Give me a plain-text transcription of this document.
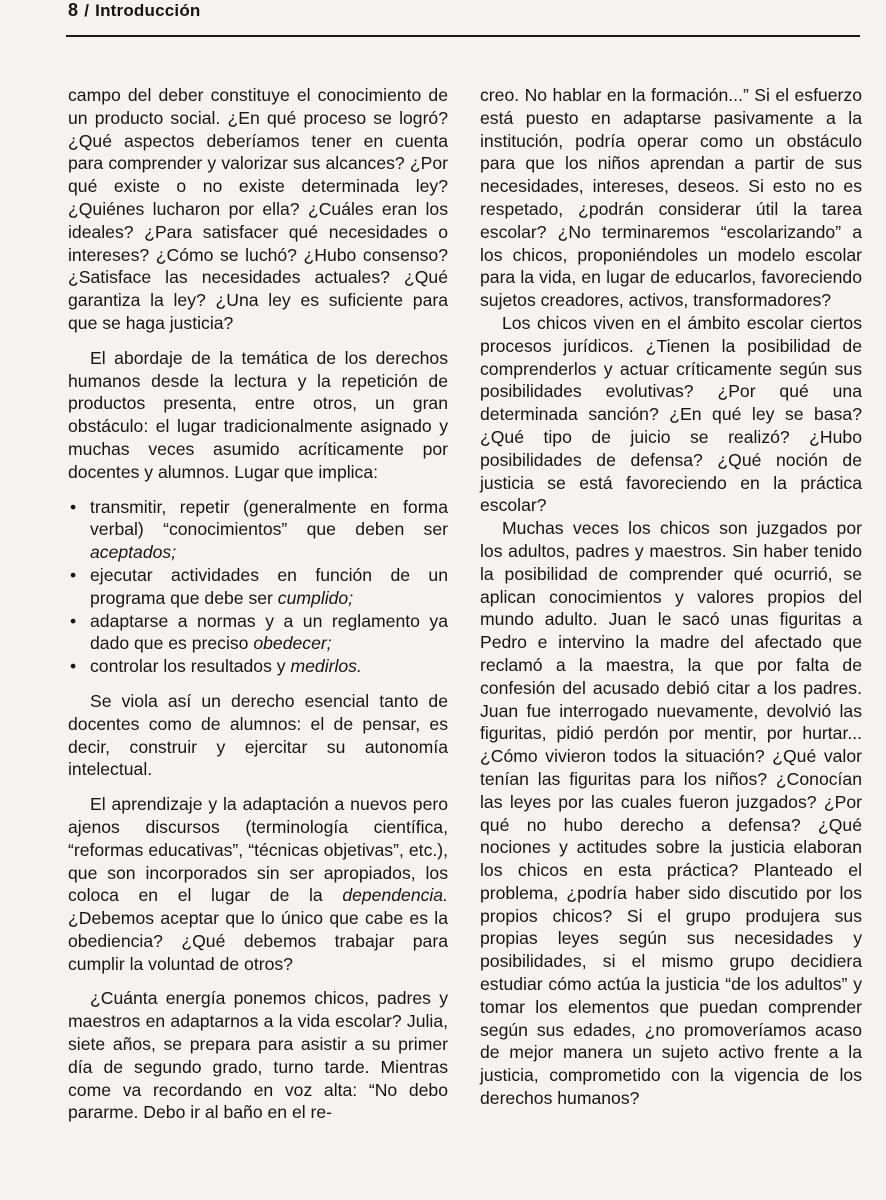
8 / Introducción

campo del deber constituye el conocimiento de un producto social. ¿En qué proceso se logró? ¿Qué aspectos deberíamos tener en cuenta para comprender y valorizar sus alcances? ¿Por qué existe o no existe determinada ley? ¿Quiénes lucharon por ella? ¿Cuáles eran los ideales? ¿Para satisfacer qué necesidades o intereses? ¿Cómo se luchó? ¿Hubo consenso? ¿Satisface las necesidades actuales? ¿Qué garantiza la ley? ¿Una ley es suficiente para que se haga justicia?

El abordaje de la temática de los derechos humanos desde la lectura y la repetición de productos presenta, entre otros, un gran obstáculo: el lugar tradicionalmente asignado y muchas veces asumido acríticamente por docentes y alumnos. Lugar que implica:

• transmitir, repetir (generalmente en forma verbal) “conocimientos” que deben ser aceptados;
• ejecutar actividades en función de un programa que debe ser cumplido;
• adaptarse a normas y a un reglamento ya dado que es preciso obedecer;
• controlar los resultados y medirlos.

Se viola así un derecho esencial tanto de docentes como de alumnos: el de pensar, es decir, construir y ejercitar su autonomía intelectual.

El aprendizaje y la adaptación a nuevos pero ajenos discursos (terminología científica, “reformas educativas”, “técnicas objetivas”, etc.), que son incorporados sin ser apropiados, los coloca en el lugar de la dependencia. ¿Debemos aceptar que lo único que cabe es la obediencia? ¿Qué debemos trabajar para cumplir la voluntad de otros?

¿Cuánta energía ponemos chicos, padres y maestros en adaptarnos a la vida escolar? Julia, siete años, se prepara para asistir a su primer día de segundo grado, turno tarde. Mientras come va recordando en voz alta: “No debo pararme. Debo ir al baño en el re-

creo. No hablar en la formación...” Si el esfuerzo está puesto en adaptarse pasivamente a la institución, podría operar como un obstáculo para que los niños aprendan a partir de sus necesidades, intereses, deseos. Si esto no es respetado, ¿podrán considerar útil la tarea escolar? ¿No terminaremos “escolarizando” a los chicos, proponiéndoles un modelo escolar para la vida, en lugar de educarlos, favoreciendo sujetos creadores, activos, transformadores?

Los chicos viven en el ámbito escolar ciertos procesos jurídicos. ¿Tienen la posibilidad de comprenderlos y actuar críticamente según sus posibilidades evolutivas? ¿Por qué una determinada sanción? ¿En qué ley se basa? ¿Qué tipo de juicio se realizó? ¿Hubo posibilidades de defensa? ¿Qué noción de justicia se está favoreciendo en la práctica escolar?

Muchas veces los chicos son juzgados por los adultos, padres y maestros. Sin haber tenido la posibilidad de comprender qué ocurrió, se aplican conocimientos y valores propios del mundo adulto. Juan le sacó unas figuritas a Pedro e intervino la madre del afectado que reclamó a la maestra, la que por falta de confesión del acusado debió citar a los padres. Juan fue interrogado nuevamente, devolvió las figuritas, pidió perdón por mentir, por hurtar... ¿Cómo vivieron todos la situación? ¿Qué valor tenían las figuritas para los niños? ¿Conocían las leyes por las cuales fueron juzgados? ¿Por qué no hubo derecho a defensa? ¿Qué nociones y actitudes sobre la justicia elaboran los chicos en esta práctica? Planteado el problema, ¿podría haber sido discutido por los propios chicos? Si el grupo produjera sus propias leyes según sus necesidades y posibilidades, si el mismo grupo decidiera estudiar cómo actúa la justicia “de los adultos” y tomar los elementos que puedan comprender según sus edades, ¿no promoveríamos acaso de mejor manera un sujeto activo frente a la justicia, comprometido con la vigencia de los derechos humanos?
